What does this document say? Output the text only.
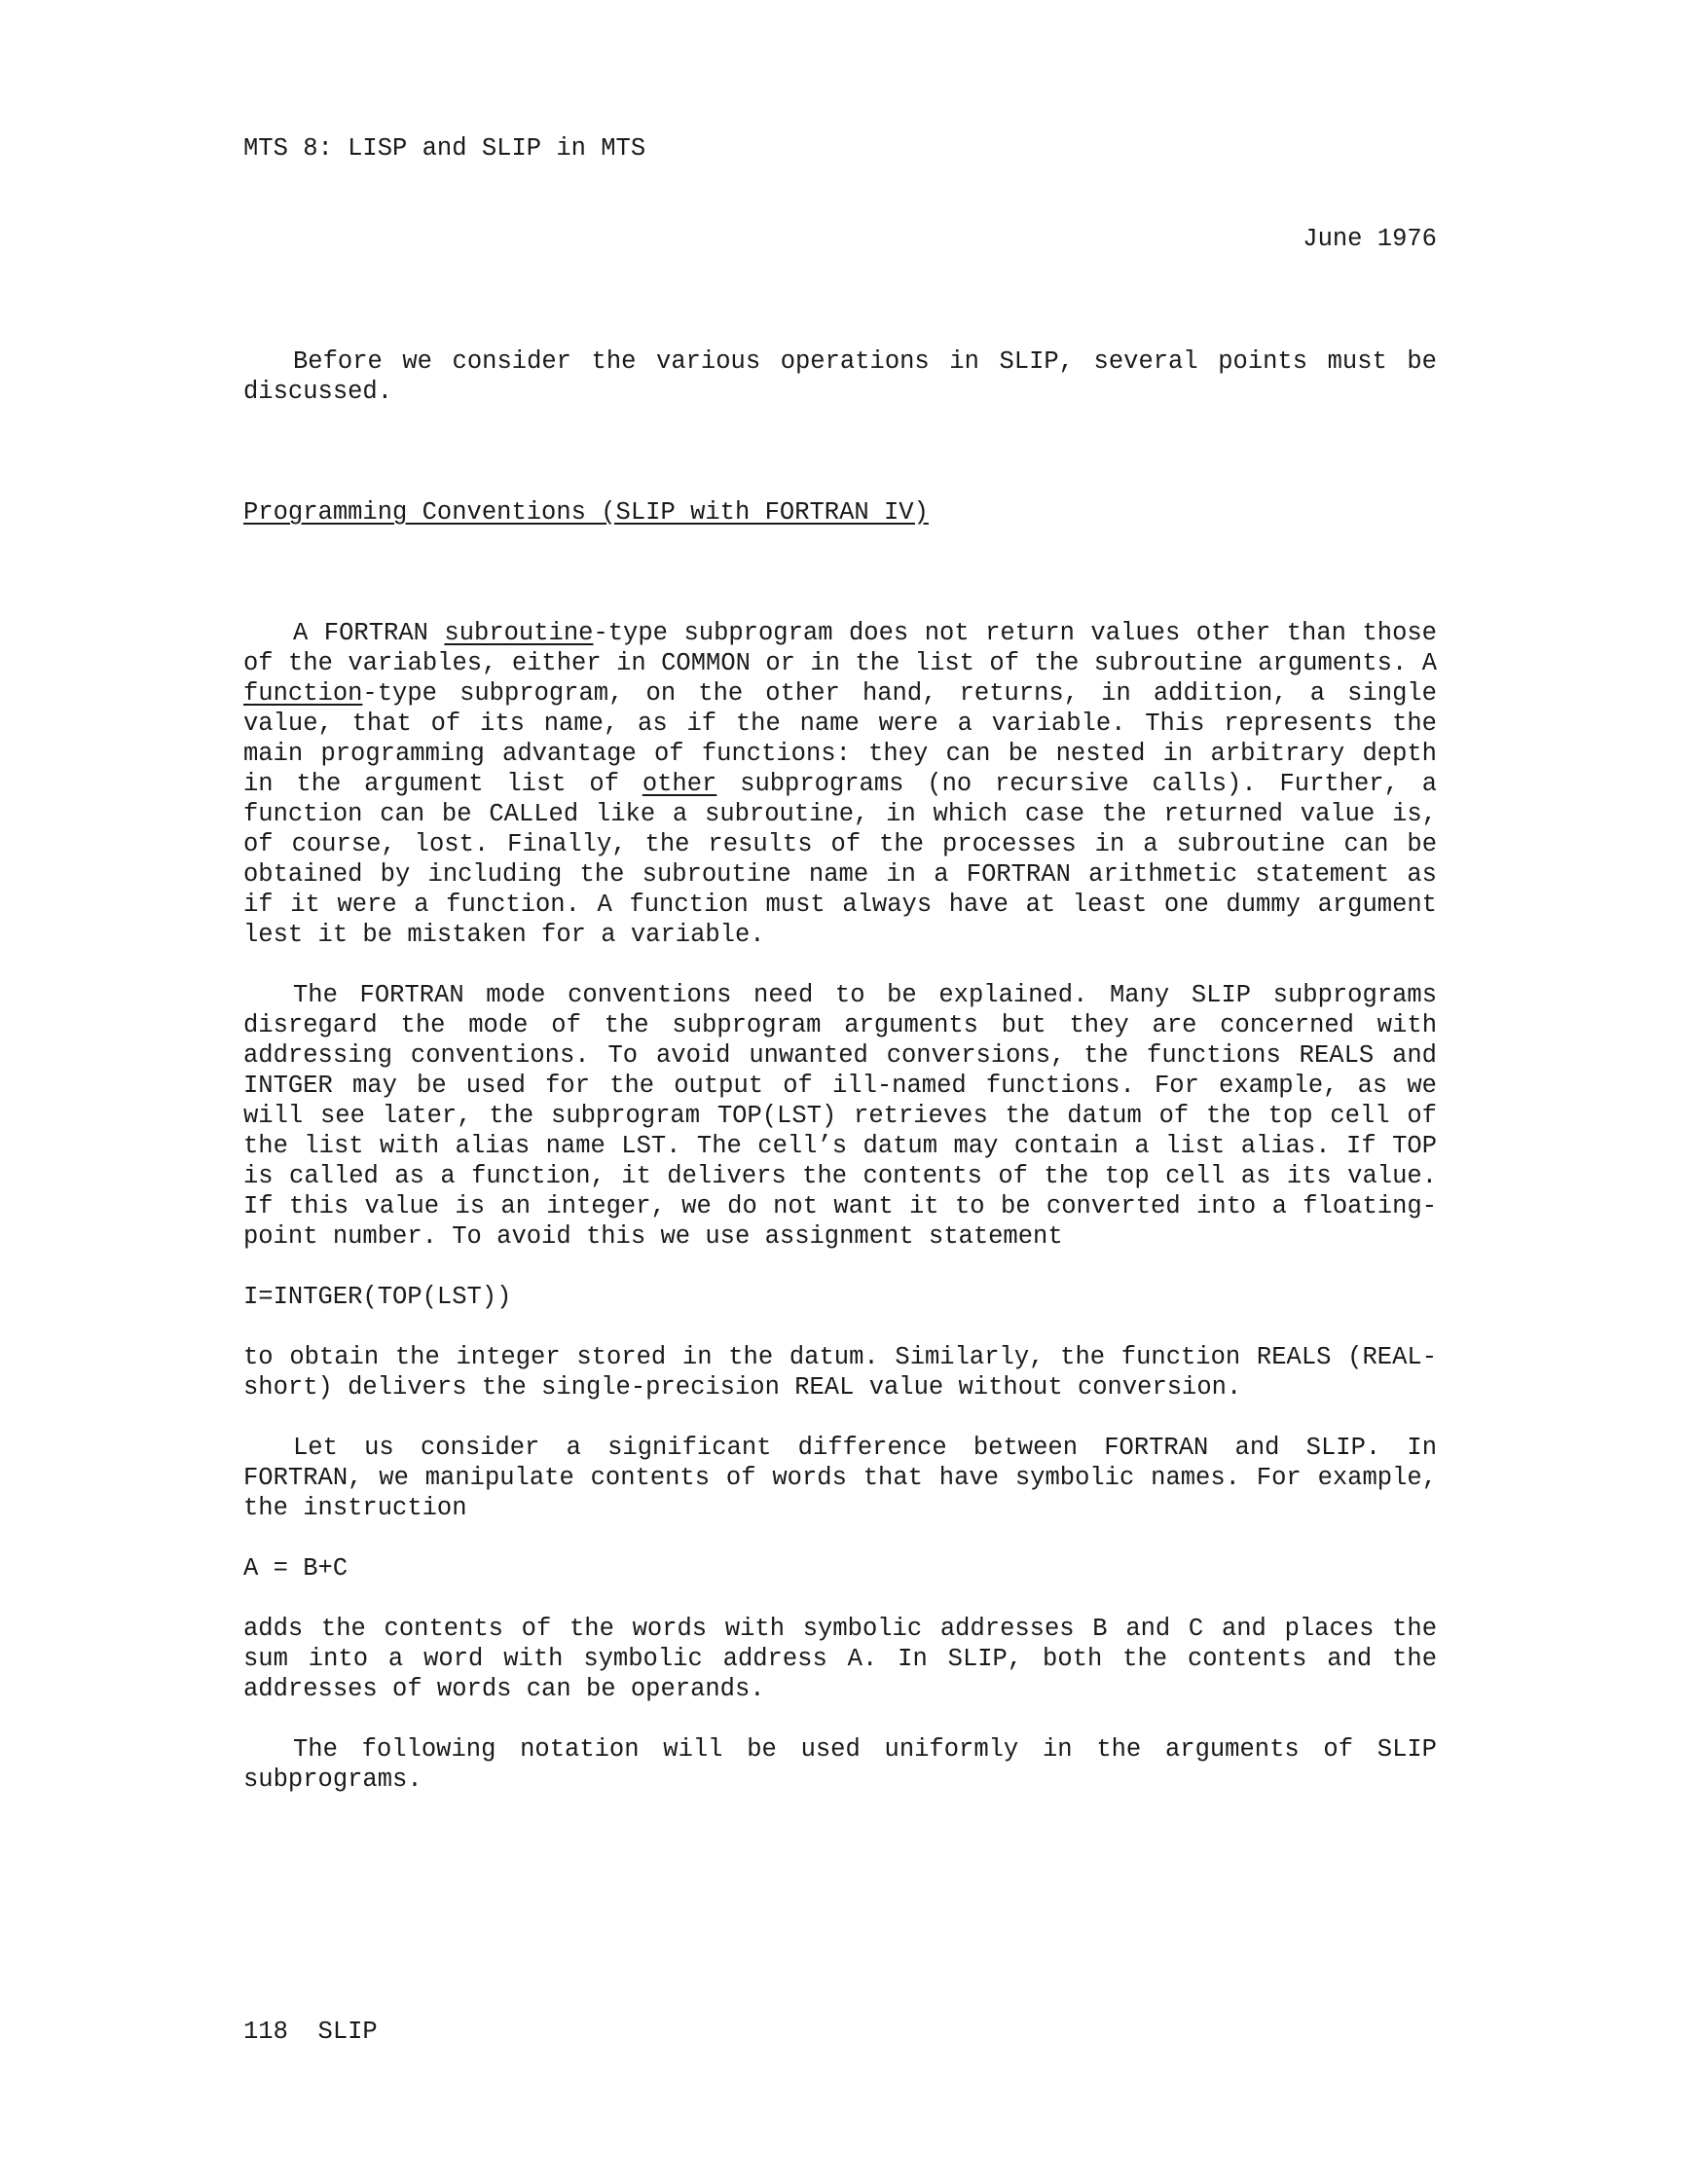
MTS 8: LISP and SLIP in MTS
June 1976

Before we consider the various operations in SLIP, several points must be discussed.

Programming Conventions (SLIP with FORTRAN IV)

A FORTRAN subroutine-type subprogram does not return values other than those of the variables, either in COMMON or in the list of the subroutine arguments. A function-type subprogram, on the other hand, returns, in addition, a single value, that of its name, as if the name were a variable. This represents the main programming advantage of functions: they can be nested in arbitrary depth in the argument list of other subprograms (no recursive calls). Further, a function can be CALLed like a subroutine, in which case the returned value is, of course, lost. Finally, the results of the processes in a subroutine can be obtained by including the subroutine name in a FORTRAN arithmetic statement as if it were a function. A function must always have at least one dummy argument lest it be mistaken for a variable.

The FORTRAN mode conventions need to be explained. Many SLIP subprograms disregard the mode of the subprogram arguments but they are concerned with addressing conventions. To avoid unwanted conversions, the functions REALS and INTGER may be used for the output of ill-named functions. For example, as we will see later, the subprogram TOP(LST) retrieves the datum of the top cell of the list with alias name LST. The cell’s datum may contain a list alias. If TOP is called as a function, it delivers the contents of the top cell as its value. If this value is an integer, we do not want it to be converted into a floating-point number. To avoid this we use assignment statement

I=INTGER(TOP(LST))

to obtain the integer stored in the datum. Similarly, the function REALS (REAL-short) delivers the single-precision REAL value without conversion.

Let us consider a significant difference between FORTRAN and SLIP. In FORTRAN, we manipulate contents of words that have symbolic names. For example, the instruction

A = B+C

adds the contents of the words with symbolic addresses B and C and places the sum into a word with symbolic address A. In SLIP, both the contents and the addresses of words can be operands.

The following notation will be used uniformly in the arguments of SLIP subprograms.

118  SLIP
